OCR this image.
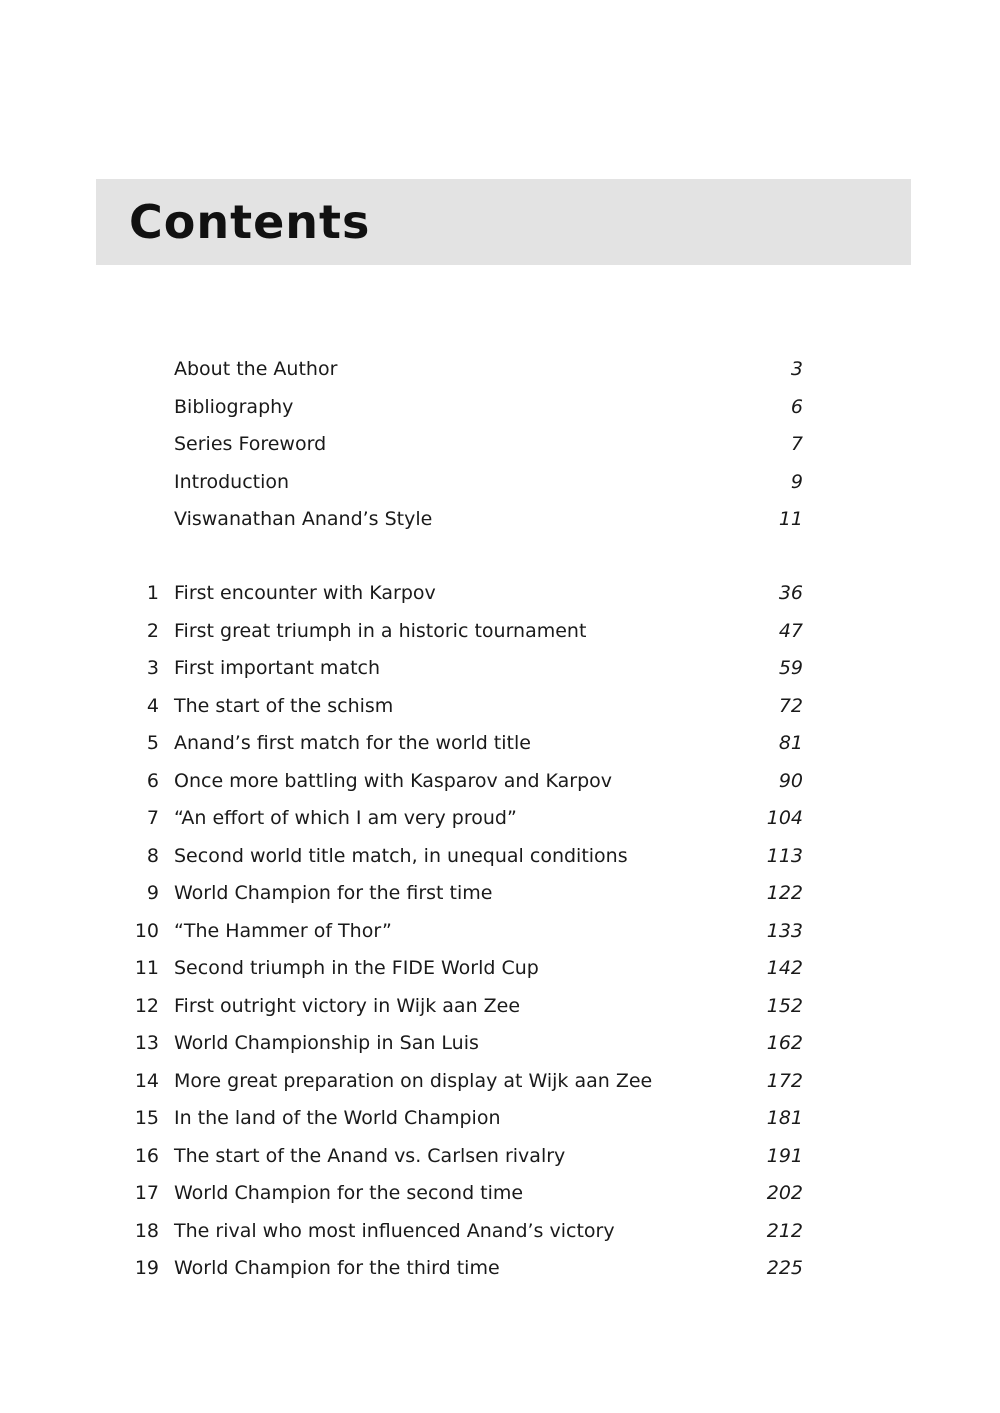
Contents
About the Author	3
Bibliography	6
Series Foreword	7
Introduction	9
Viswanathan Anand’s Style	11
1 First encounter with Karpov	36
2 First great triumph in a historic tournament	47
3 First important match	59
4 The start of the schism	72
5 Anand’s first match for the world title	81
6 Once more battling with Kasparov and Karpov	90
7 “An effort of which I am very proud”	104
8 Second world title match, in unequal conditions	113
9 World Champion for the first time	122
10 “The Hammer of Thor”	133
11 Second triumph in the FIDE World Cup	142
12 First outright victory in Wijk aan Zee	152
13 World Championship in San Luis	162
14 More great preparation on display at Wijk aan Zee	172
15 In the land of the World Champion	181
16 The start of the Anand vs. Carlsen rivalry	191
17 World Champion for the second time	202
18 The rival who most influenced Anand’s victory	212
19 World Champion for the third time	225
